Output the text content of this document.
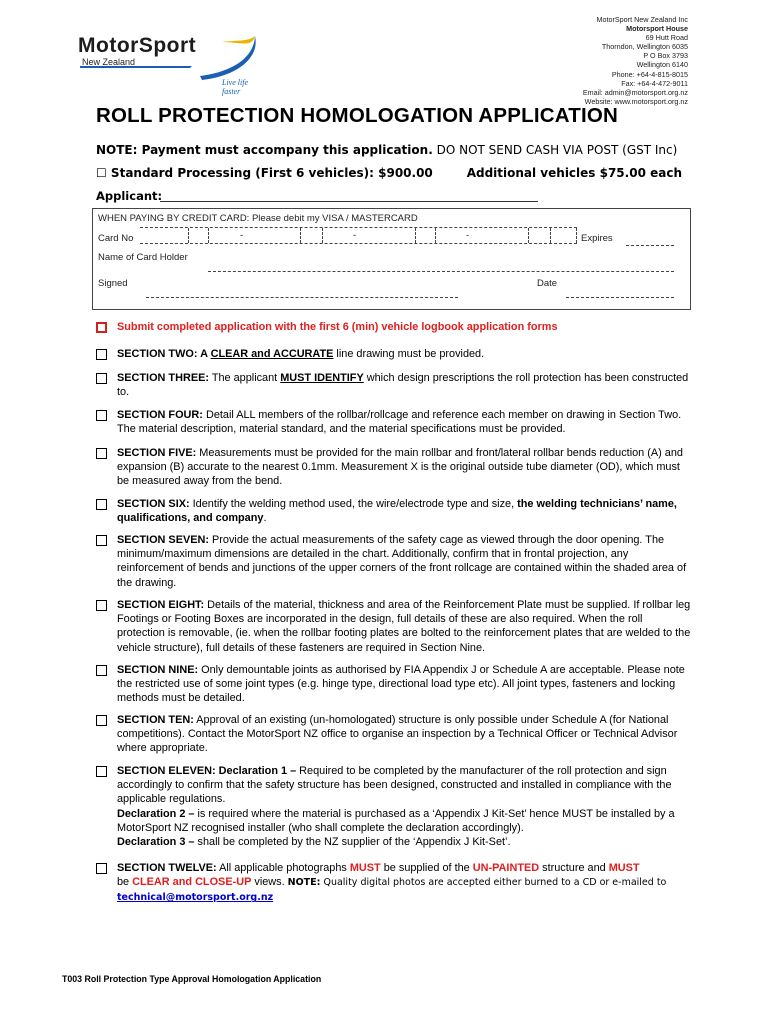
MotorSport
New Zealand
Live life faster
MotorSport New Zealand Inc
Motorsport House
69 Hutt Road
Thorndon, Wellington 6035
P O Box 3793
Wellington 6140
Phone: +64-4-815-8015
Fax: +64-4-472-9011
Email: admin@motorsport.org.nz
Website: www.motorsport.org.nz
ROLL PROTECTION HOMOLOGATION APPLICATION
NOTE: Payment must accompany this application. DO NOT SEND CASH VIA POST (GST Inc)
☐ Standard Processing (First 6 vehicles): $900.00	Additional vehicles $75.00 each
Applicant:
WHEN PAYING BY CREDIT CARD: Please debit my VISA / MASTERCARD
Card No	-	-	-	Expires
Name of Card Holder
Signed	Date
Submit completed application with the first 6 (min) vehicle logbook application forms
SECTION TWO: A CLEAR and ACCURATE line drawing must be provided.
SECTION THREE: The applicant MUST IDENTIFY which design prescriptions the roll protection has been constructed to.
SECTION FOUR: Detail ALL members of the rollbar/rollcage and reference each member on drawing in Section Two. The material description, material standard, and the material specifications must be provided.
SECTION FIVE: Measurements must be provided for the main rollbar and front/lateral rollbar bends reduction (A) and expansion (B) accurate to the nearest 0.1mm. Measurement X is the original outside tube diameter (OD), which must be measured away from the bend.
SECTION SIX: Identify the welding method used, the wire/electrode type and size, the welding technicians’ name, qualifications, and company.
SECTION SEVEN: Provide the actual measurements of the safety cage as viewed through the door opening. The minimum/maximum dimensions are detailed in the chart. Additionally, confirm that in frontal projection, any reinforcement of bends and junctions of the upper corners of the front rollcage are contained within the shaded area of the drawing.
SECTION EIGHT: Details of the material, thickness and area of the Reinforcement Plate must be supplied. If rollbar leg Footings or Footing Boxes are incorporated in the design, full details of these are also required. When the roll protection is removable, (ie. when the rollbar footing plates are bolted to the reinforcement plates that are welded to the vehicle structure), full details of these fasteners are required in Section Nine.
SECTION NINE: Only demountable joints as authorised by FIA Appendix J or Schedule A are acceptable. Please note the restricted use of some joint types (e.g. hinge type, directional load type etc). All joint types, fasteners and locking methods must be detailed.
SECTION TEN: Approval of an existing (un-homologated) structure is only possible under Schedule A (for National competitions). Contact the MotorSport NZ office to organise an inspection by a Technical Officer or Technical Advisor where appropriate.
SECTION ELEVEN: Declaration 1 – Required to be completed by the manufacturer of the roll protection and sign accordingly to confirm that the safety structure has been designed, constructed and installed in compliance with the applicable regulations.
Declaration 2 – is required where the material is purchased as a ‘Appendix J Kit-Set’ hence MUST be installed by a MotorSport NZ recognised installer (who shall complete the declaration accordingly).
Declaration 3 – shall be completed by the NZ supplier of the ‘Appendix J Kit-Set’.
SECTION TWELVE: All applicable photographs MUST be supplied of the UN-PAINTED structure and MUST
be CLEAR and CLOSE-UP views. NOTE: Quality digital photos are accepted either burned to a CD or e-mailed to
technical@motorsport.org.nz
T003 Roll Protection Type Approval Homologation Application
